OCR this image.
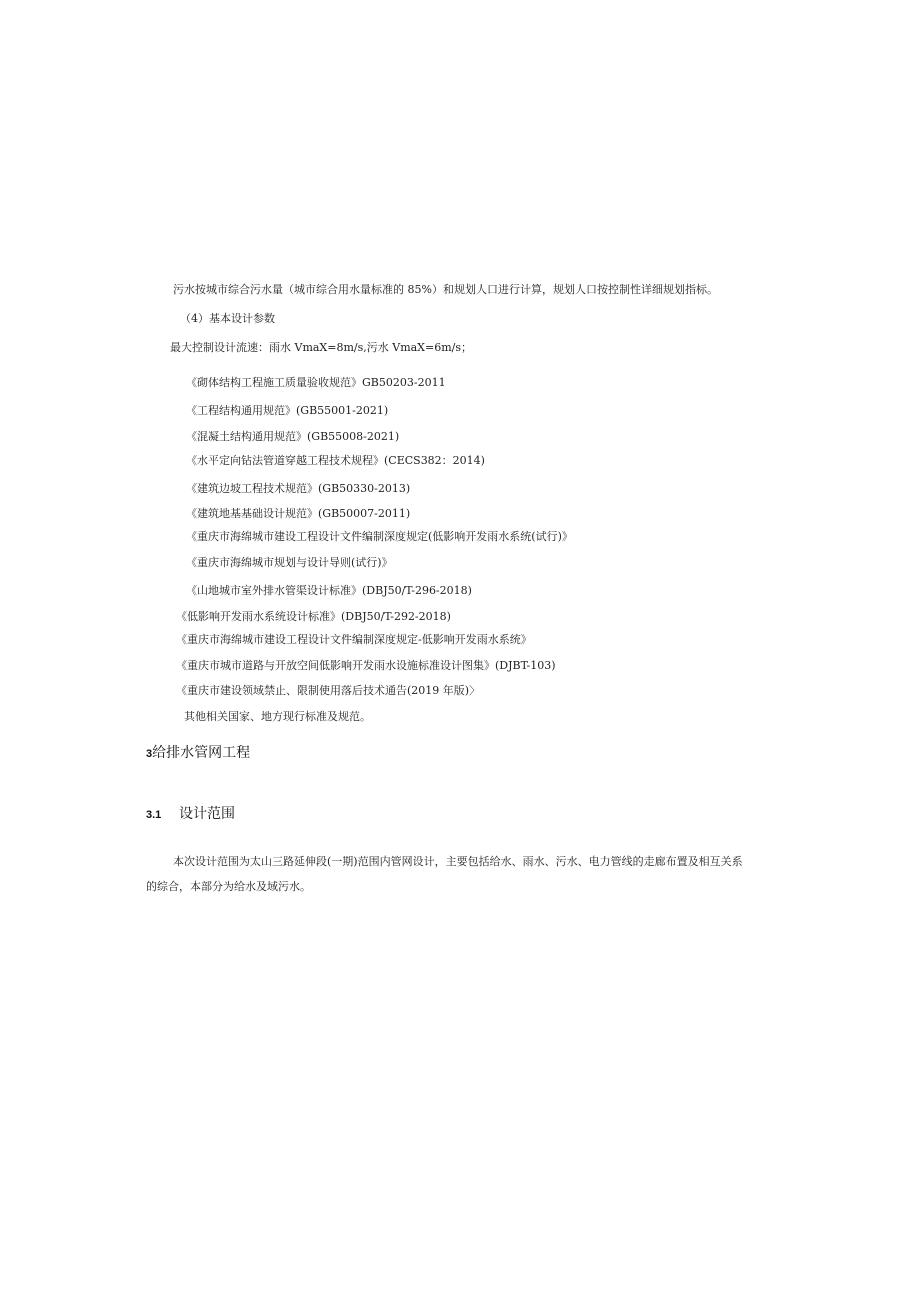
污水按城市综合污水量（城市综合用水量标准的 85%）和规划人口进行计算，规划人口按控制性详细规划指标。
（4）基本设计参数
最大控制设计流速：雨水 VmaX=8m/s,污水 VmaX=6m/s；
《砌体结构工程施工质量验收规范》GB50203-2011
《工程结构通用规范》(GB55001-2021)
《混凝土结构通用规范》(GB55008-2021)
《水平定向钻法管道穿越工程技术规程》(CECS382：2014)
《建筑边坡工程技术规范》(GB50330-2013)
《建筑地基基础设计规范》(GB50007-2011)
《重庆市海绵城市建设工程设计文件编制深度规定(低影响开发雨水系统(试行)》
《重庆市海绵城市规划与设计导则(试行)》
《山地城市室外排水管渠设计标准》(DBJ50/T-296-2018)
《低影响开发雨水系统设计标准》(DBJ50/T-292-2018)
《重庆市海绵城市建设工程设计文件编制深度规定-低影响开发雨水系统》
《重庆市城市道路与开放空间低影响开发雨水设施标准设计图集》(DJBT-103)
《重庆市建设领域禁止、限制使用落后技术通告(2019 年版)〉
其他相关国家、地方现行标准及规范。
3给排水管网工程
3.1 设计范围
本次设计范围为太山三路延伸段(一期)范围内管网设计，主要包括给水、雨水、污水、电力管线的走廊布置及相互关系
的综合，本部分为给水及域污水。
